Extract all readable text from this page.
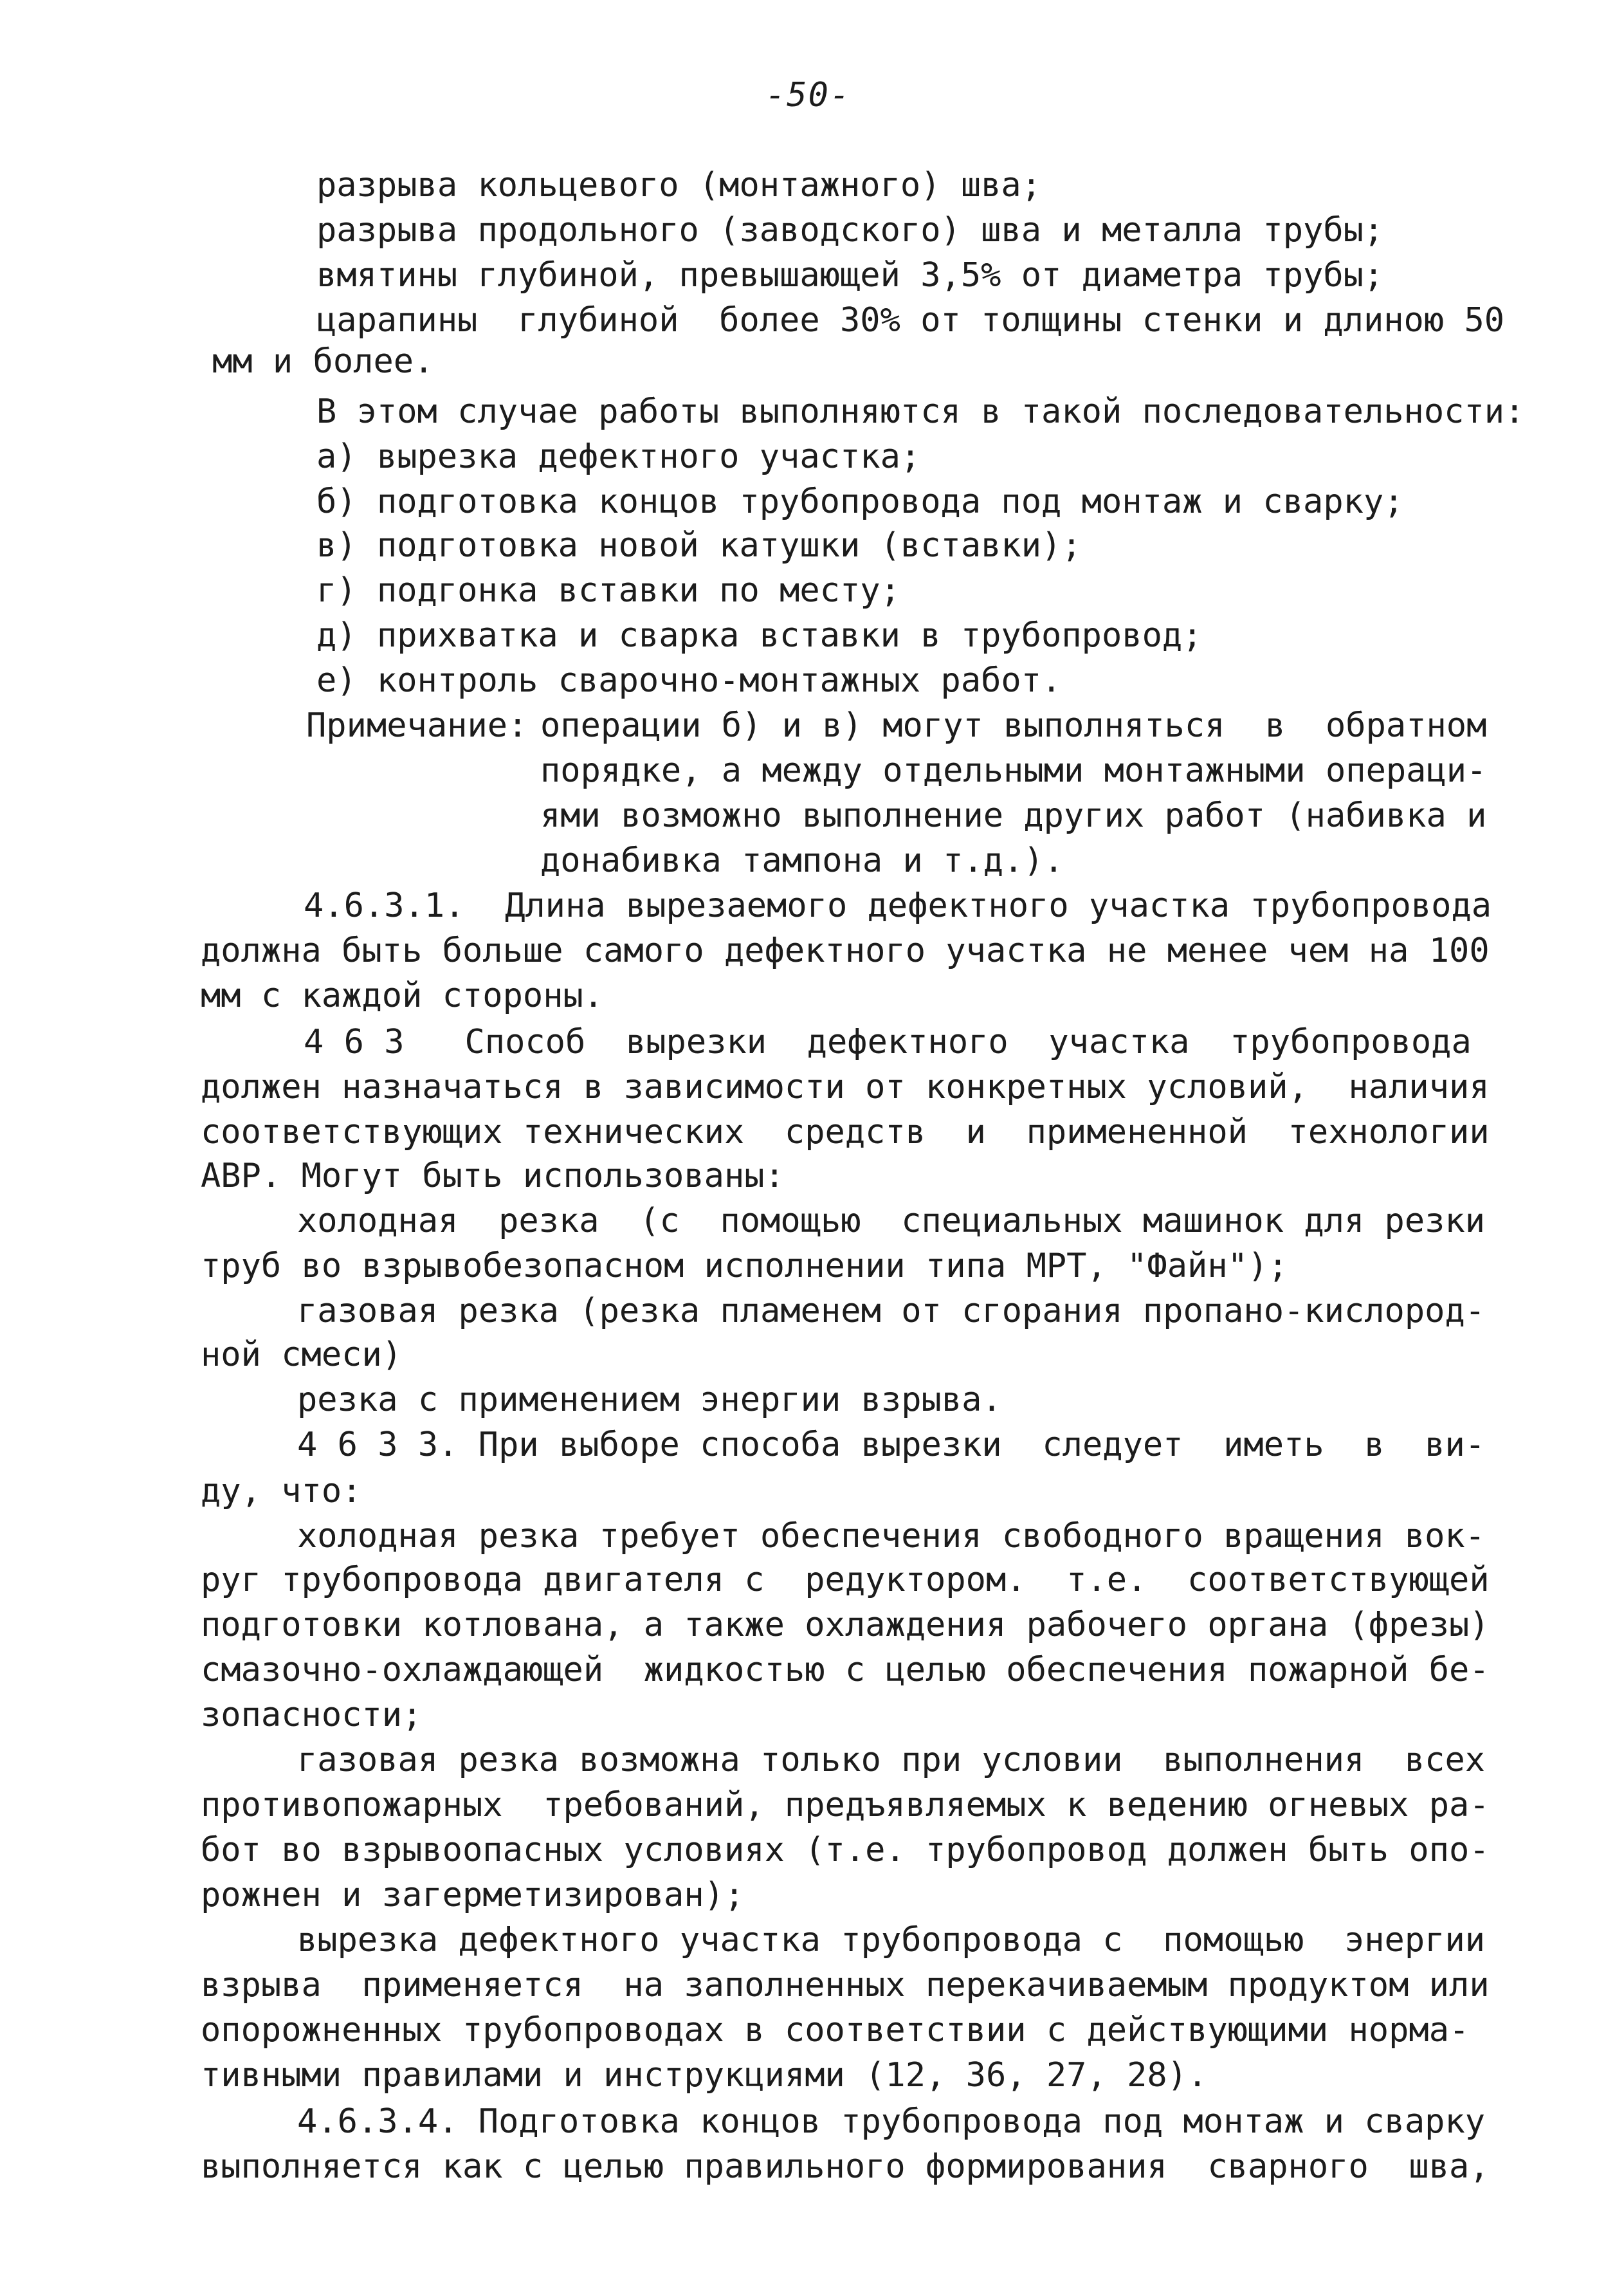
-50-
разрыва кольцевого (монтажного) шва;
разрыва продольного (заводского) шва и металла трубы;
вмятины глубиной, превышающей 3,5% от диаметра трубы;
царапины  глубиной  более 30% от толщины стенки и длиною 50
мм и более.
В этом случае работы выполняются в такой последовательности:
а) вырезка дефектного участка;
б) подготовка концов трубопровода под монтаж и сварку;
в) подготовка новой катушки (вставки);
г) подгонка вставки по месту;
д) прихватка и сварка вставки в трубопровод;
е) контроль сварочно-монтажных работ.
Примечание: операции б) и в) могут выполняться  в  обратном
порядке, а между отдельными монтажными операци-
ями возможно выполнение других работ (набивка и
донабивка тампона и т.д.).
4.6.3.1.  Длина вырезаемого дефектного участка трубопровода
должна быть больше самого дефектного участка не менее чем на 100
мм с каждой стороны.
4 6 3   Способ  вырезки  дефектного  участка  трубопровода
должен назначаться в зависимости от конкретных условий,  наличия
соответствующих технических  средств  и  примененной  технологии
АВР. Могут быть использованы:
холодная  резка  (с  помощью  специальных машинок для резки
труб во взрывобезопасном исполнении типа МРТ, "Файн");
газовая резка (резка пламенем от сгорания пропано-кислород-
ной смеси)
резка с применением энергии взрыва.
4 6 3 3. При выборе способа вырезки  следует  иметь  в  ви-
ду, что:
холодная резка требует обеспечения свободного вращения вок-
руг трубопровода двигателя с  редуктором.  т.е.  соответствующей
подготовки котлована, а также охлаждения рабочего органа (фрезы)
смазочно-охлаждающей  жидкостью с целью обеспечения пожарной бе-
зопасности;
газовая резка возможна только при условии  выполнения  всех
противопожарных  требований, предъявляемых к ведению огневых ра-
бот во взрывоопасных условиях (т.е. трубопровод должен быть опо-
рожнен и загерметизирован);
вырезка дефектного участка трубопровода с  помощью  энергии
взрыва  применяется  на заполненных перекачиваемым продуктом или
опорожненных трубопроводах в соответствии с действующими норма-
тивными правилами и инструкциями (12, 36, 27, 28).
4.6.3.4. Подготовка концов трубопровода под монтаж и сварку
выполняется как с целью правильного формирования  сварного  шва,
